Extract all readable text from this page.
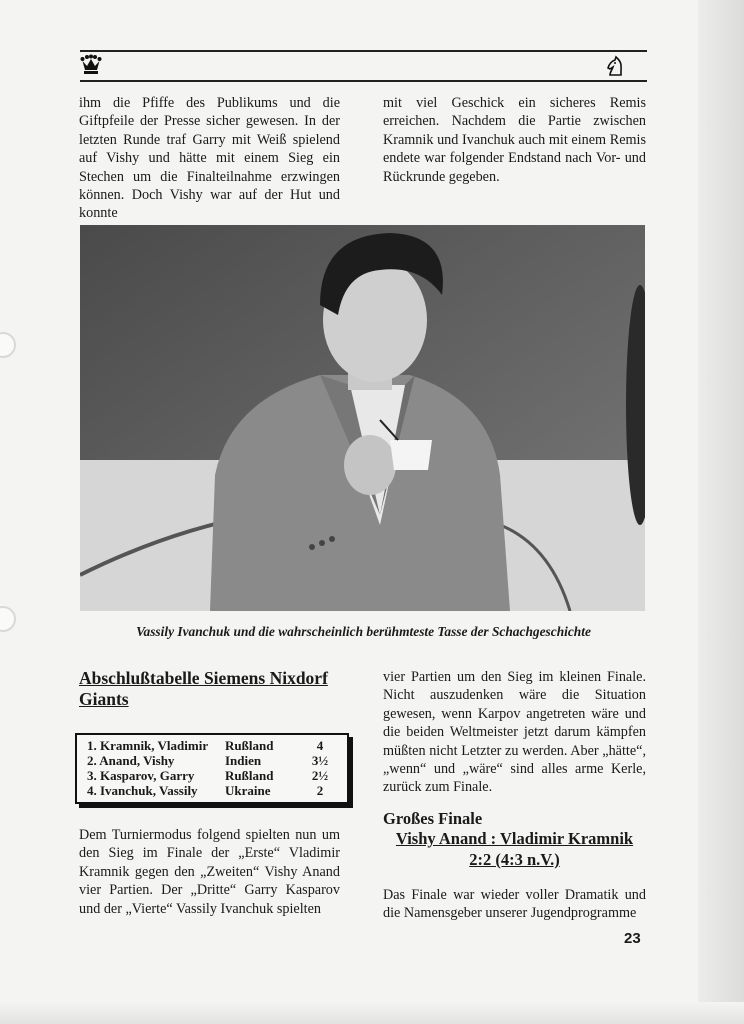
ihm die Pfiffe des Publikums und die Giftpfeile der Presse sicher gewesen. In der letzten Runde traf Garry mit Weiß spielend auf Vishy und hätte mit einem Sieg ein Stechen um die Finalteilnahme erzwingen können. Doch Vishy war auf der Hut und konnte

mit viel Geschick ein sicheres Remis erreichen. Nachdem die Partie zwischen Kramnik und Ivanchuk auch mit einem Remis endete war folgender Endstand nach Vor- und Rückrunde gegeben.

Vassily Ivanchuk und die wahrscheinlich berühmteste Tasse der Schachgeschichte
Abschlußtabelle Siemens Nixdorf Giants
1. Kramnik, Vladimir	Rußland	4
2. Anand, Vishy	Indien	3½
3. Kasparov, Garry	Rußland	2½
4. Ivanchuk, Vassily	Ukraine	2

Dem Turniermodus folgend spielten nun um den Sieg im Finale der „Erste“ Vladimir Kramnik gegen den „Zweiten“ Vishy Anand vier Partien. Der „Dritte“ Garry Kasparov und der „Vierte“ Vassily Ivanchuk spielten

vier Partien um den Sieg im kleinen Finale. Nicht auszudenken wäre die Situation gewesen, wenn Karpov angetreten wäre und die beiden Weltmeister jetzt darum kämpfen müßten nicht Letzter zu werden. Aber „hätte“, „wenn“ und „wäre“ sind alles arme Kerle, zurück zum Finale.

Großes Finale
Vishy Anand : Vladimir Kramnik
2:2 (4:3 n.V.)

Das Finale war wieder voller Dramatik und die Namensgeber unserer Jugendprogramme

23
